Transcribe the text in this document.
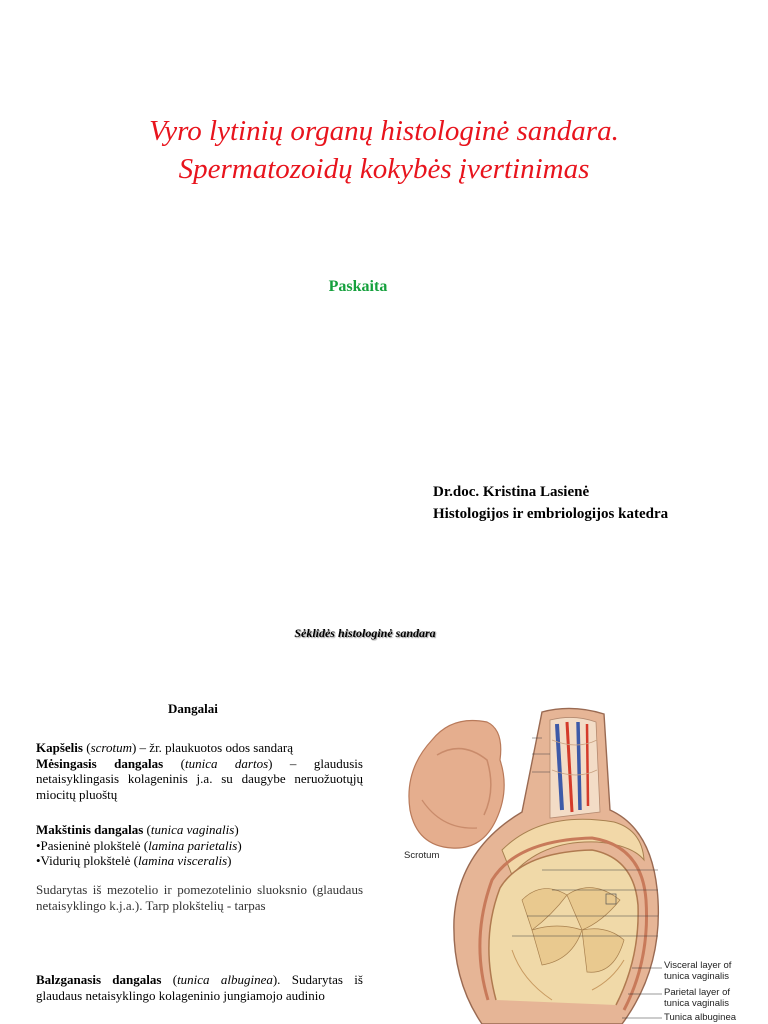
Vyro lytinių organų histologinė sandara.
Spermatozoidų kokybės įvertinimas
Paskaita
Dr.doc. Kristina Lasienė
Histologijos ir embriologijos katedra
Sėklidės histologinė sandara
Dangalai

Kapšelis (scrotum) – žr. plaukuotos odos sandarą

Mėsingasis dangalas (tunica dartos) – glaudusis netaisyklingasis kolageninis j.a. su daugybe neruožuotųjų miocitų pluoštų

Makštinis dangalas (tunica vaginalis)

•Pasieninė plokštelė (lamina parietalis)

•Vidurių plokštelė (lamina visceralis)

Sudarytas iš mezotelio ir pomezotelinio sluoksnio (glaudaus netaisyklingo k.j.a.). Tarp plokštelių - tarpas

Balzganasis dangalas (tunica albuginea). Sudarytas iš glaudaus netaisyklingo kolageninio jungiamojo audinio

Scrotum
Visceral layer of
tunica vaginalis
Parietal layer of
tunica vaginalis
Tunica albuginea
